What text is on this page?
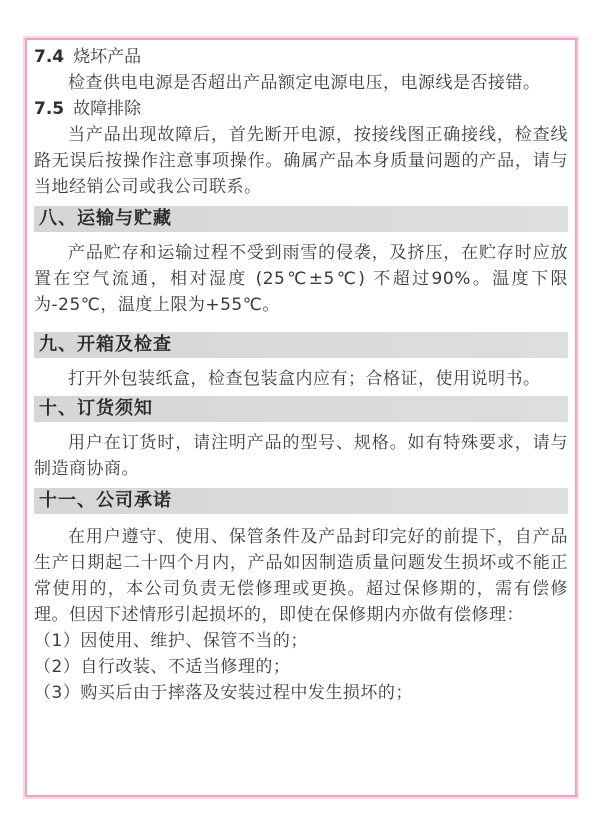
7.4 烧坏产品

检查供电电源是否超出产品额定电源电压，电源线是否接错。

7.5 故障排除

当产品出现故障后，首先断开电源，按接线图正确接线，检查线路无误后按操作注意事项操作。确属产品本身质量问题的产品，请与当地经销公司或我公司联系。

八、运输与贮藏

产品贮存和运输过程不受到雨雪的侵袭，及挤压，在贮存时应放置在空气流通，相对湿度 (25℃±5℃) 不超过90%。温度下限为-25℃，温度上限为+55℃。

九、开箱及检查

打开外包装纸盒，检查包装盒内应有；合格证，使用说明书。

十、订货须知

用户在订货时，请注明产品的型号、规格。如有特殊要求，请与制造商协商。

十一、公司承诺

在用户遵守、使用、保管条件及产品封印完好的前提下，自产品生产日期起二十四个月内，产品如因制造质量问题发生损坏或不能正常使用的，本公司负责无偿修理或更换。超过保修期的，需有偿修理。但因下述情形引起损坏的，即使在保修期内亦做有偿修理：

（1）因使用、维护、保管不当的；

（2）自行改装、不适当修理的；

（3）购买后由于摔落及安装过程中发生损坏的；
